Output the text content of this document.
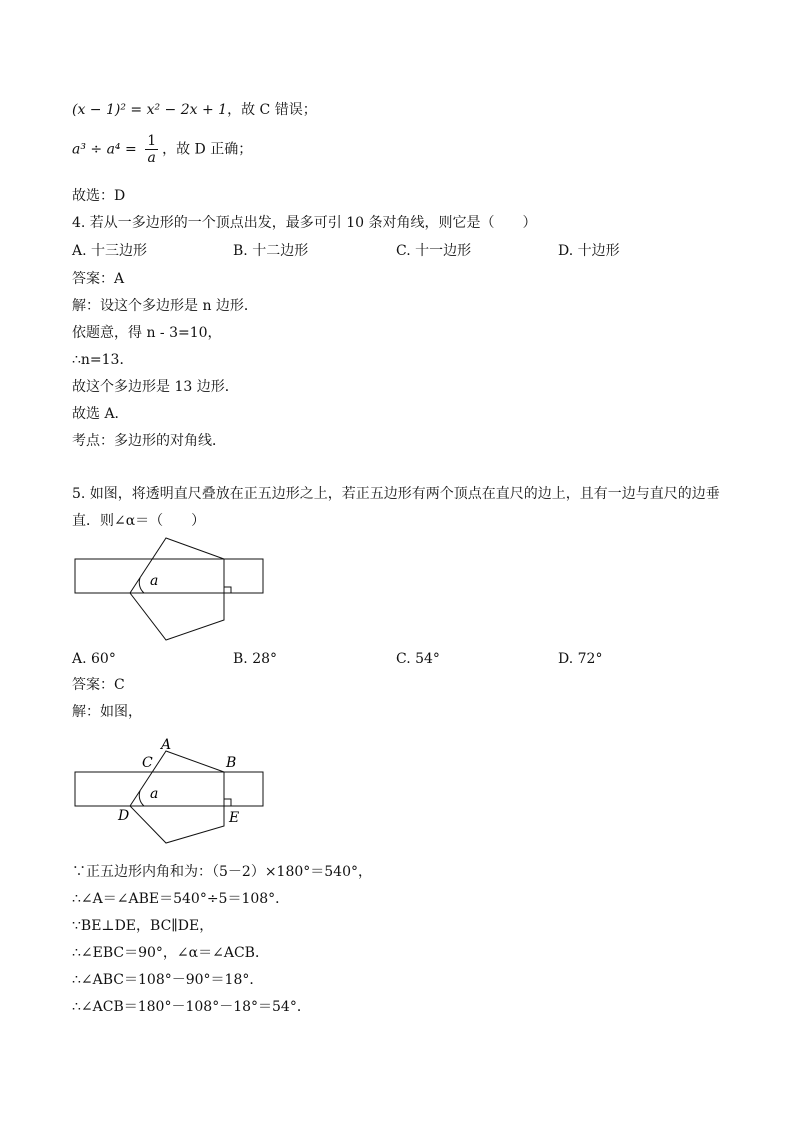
(x − 1)² = x² − 2x + 1，故 C 错误；
$a^3 \div a^4 = \frac{1}{a}$ ，故 D 正确；
故选：D
4. 若从一多边形的一个顶点出发，最多可引 10 条对角线，则它是（　　）
A. 十三边形	B. 十二边形	C. 十一边形	D. 十边形
答案：A
解：设这个多边形是 n 边形．
依题意，得 n - 3=10，
∴n=13．
故这个多边形是 13 边形．
故选 A．
考点：多边形的对角线．
5. 如图，将透明直尺叠放在正五边形之上，若正五边形有两个顶点在直尺的边上，且有一边与直尺的边垂
直．则∠α＝（　　）
a
A. 60°	B. 28°	C. 54°	D. 72°
答案：C
解：如图，
A
B
C
D	E
a
∵正五边形内角和为：（5－2）×180°＝540°，
∴∠A＝∠ABE＝540°÷5＝108°．
∵BE⊥DE，BC∥DE，
∴∠EBC＝90°，∠α＝∠ACB．
∴∠ABC＝108°－90°＝18°．
∴∠ACB＝180°－108°－18°＝54°．
